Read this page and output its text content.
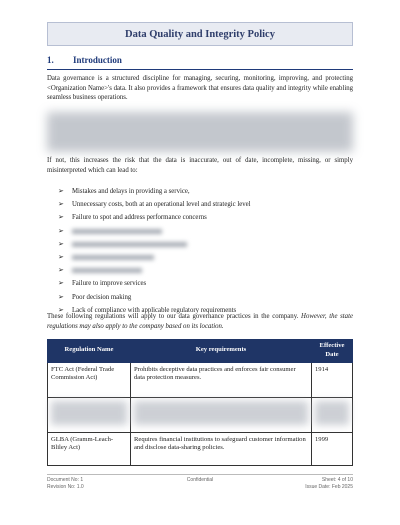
Data Quality and Integrity Policy
1. Introduction
Data governance is a structured discipline for managing, securing, monitoring, improving, and protecting <Organization Name>'s data. It also provides a framework that ensures data quality and integrity while enabling seamless business operations.
If not, this increases the risk that the data is inaccurate, out of date, incomplete, missing, or simply misinterpreted which can lead to:
➢ Mistakes and delays in providing a service,
➢ Unnecessary costs, both at an operational level and strategic level
➢ Failure to spot and address performance concerns
➢
➢
➢
➢
➢ Failure to improve services
➢ Poor decision making
➢ Lack of compliance with applicable regulatory requirements
These following regulations will apply to our data governance practices in the company. However, the state regulations may also apply to the company based on its location.
Regulation Name	Key requirements	Effective Date
FTC Act (Federal Trade Commission Act)	Prohibits deceptive data practices and enforces fair consumer data protection measures.	1914

GLBA (Gramm-Leach-Bliley Act)	Requires financial institutions to safeguard customer information and disclose data-sharing policies.	1999
Document No: 1
Revision No: 1.0
Confidential	Sheet: 4 of 10
Issue Date: Feb 2025
